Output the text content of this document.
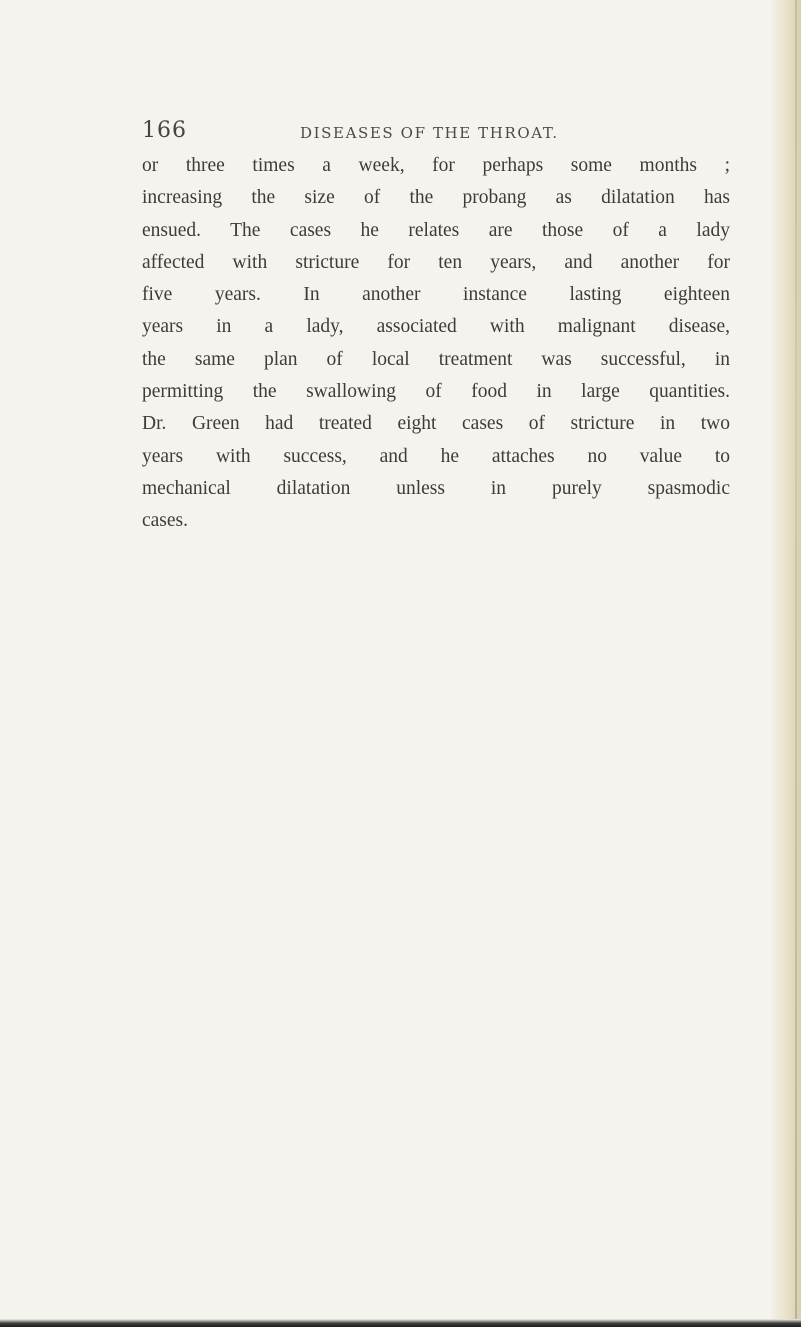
166	DISEASES OF THE THROAT.
or three times a week, for perhaps some months ;
increasing the size of the probang as dilatation has
ensued. The cases he relates are those of a lady
affected with stricture for ten years, and another for
five years. In another instance lasting eighteen
years in a lady, associated with malignant disease,
the same plan of local treatment was successful, in
permitting the swallowing of food in large quantities.
Dr. Green had treated eight cases of stricture in two
years with success, and he attaches no value to
mechanical dilatation unless in purely spasmodic
cases.
